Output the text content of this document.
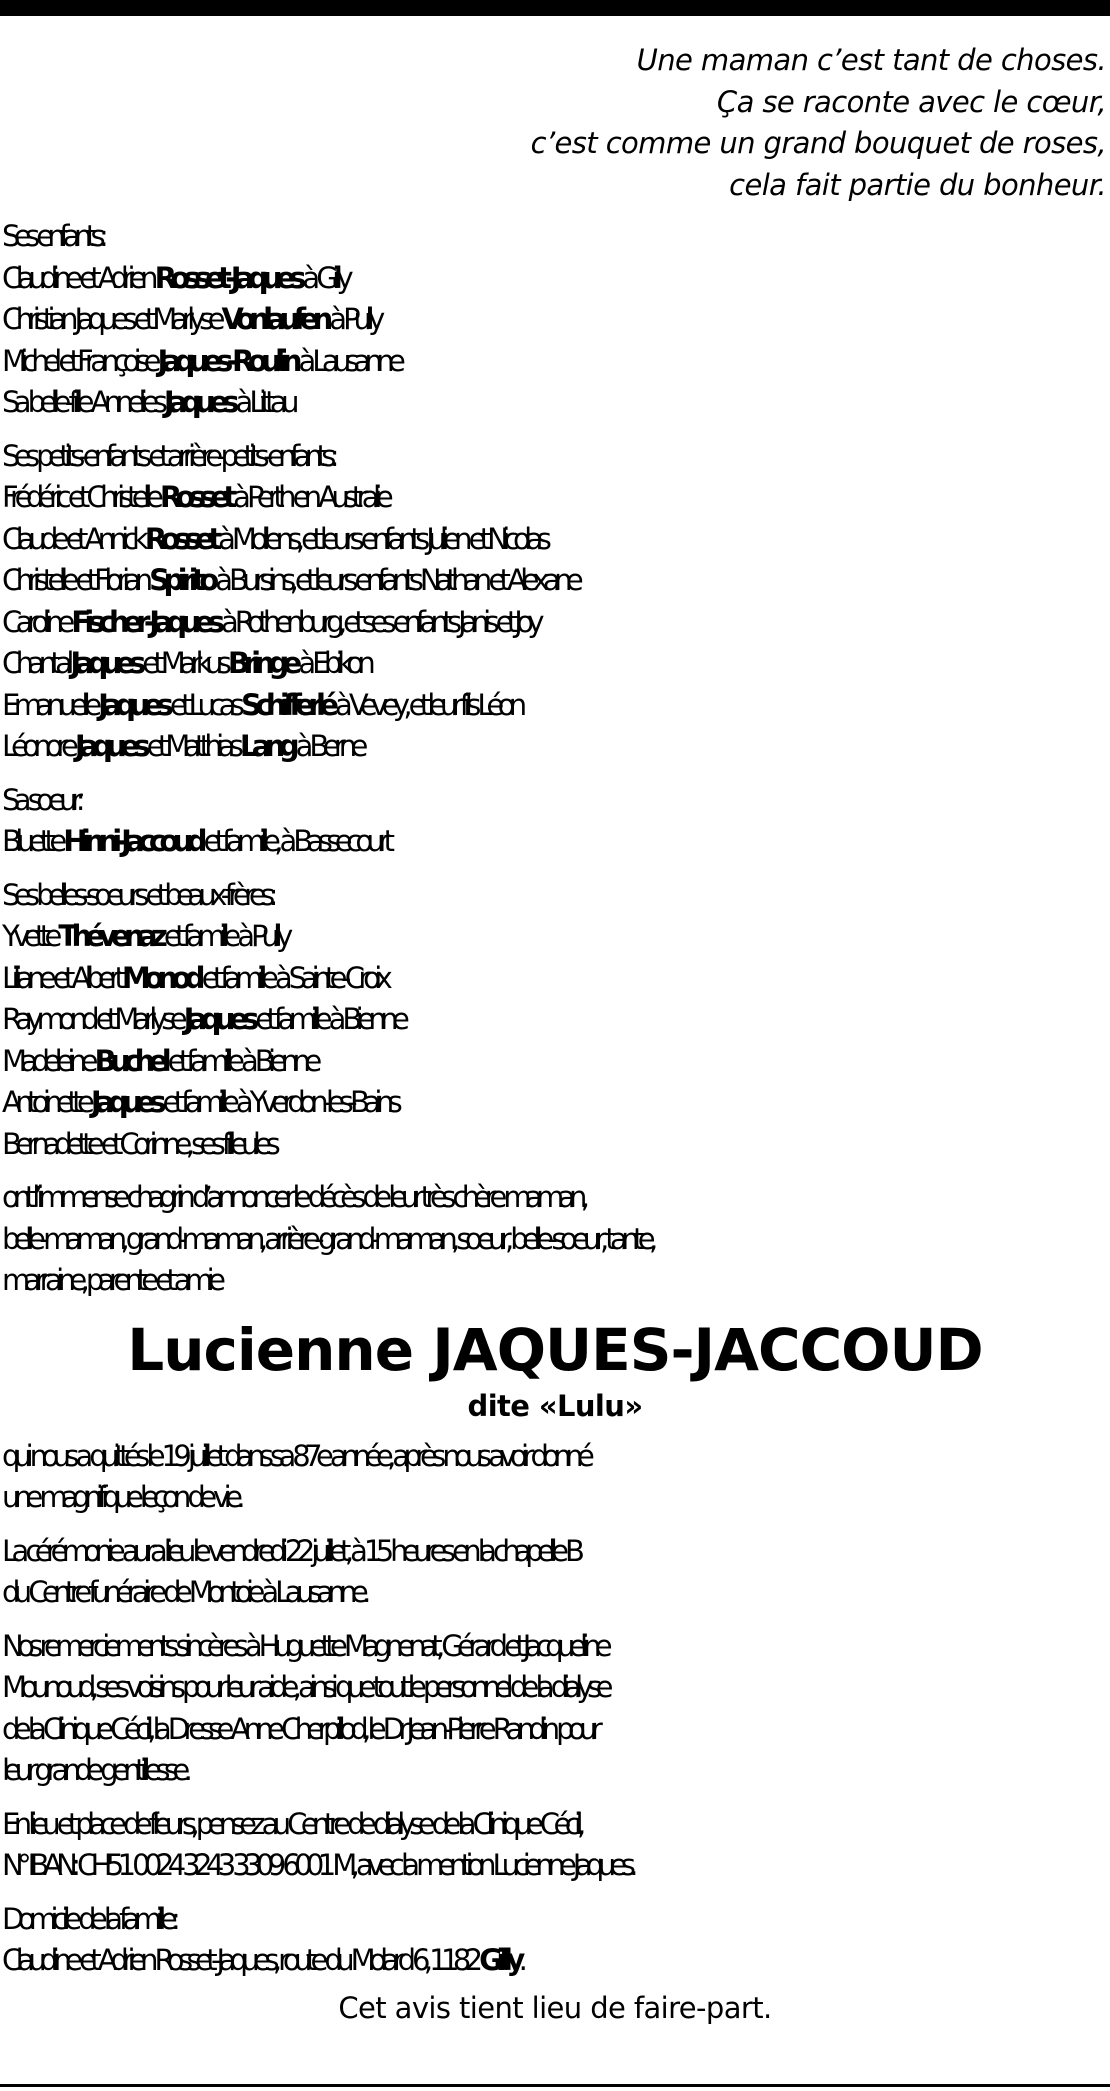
Une maman c’est tant de choses.
Ça se raconte avec le cœur,
c’est comme un grand bouquet de roses,
cela fait partie du bonheur.
Ses enfants:
Claudine et Adrien Rosset-Jaques à Gilly
Christian Jaques et Marlyse Vonlaufen à Pully
Michel et Françoise Jaques-Roulin à Lausanne
Sa belle-fille Annelies Jaques à Littau
Ses petits-enfants et arrière-petits-enfants:
Frédéric et Christelle Rosset à Perth en Australie
Claude et Annick Rosset à Mollens, et leurs enfants Julien et Nicolas
Christelle et Florian Spirito à Bursins, et leurs enfants Nathan et Alexane
Caroline Fischer-Jaques à Rothenburg, et ses enfants Janis et Joy
Chantal Jaques et Markus Bringe à Ebikon
Emanuelle Jaques et Lucas Schifferlé à Vevey, et leur fils Léon
Léonore Jaques et Matthias Lang à Berne
Sa sœur:
Bluette Hinni-Jaccoud et famille, à Bassecourt
Ses belles-sœurs et beaux-frères:
Yvette Thévenaz et famille à Pully
Liliane et Albert Monod et famille à Sainte-Croix
Raymond et Marlyse Jaques et famille à Bienne
Madeleine Buchel et famille à Bienne
Antoinette Jaques et famille à Yverdon-les-Bains
Bernadette et Corinne, ses filleules
ont l’immense chagrin d’annoncer le décès de leur très chère maman,
belle-maman, grand-maman, arrière-grand-maman, sœur, belle-sœur, tante,
marraine, parente et amie
Lucienne JAQUES-JACCOUD
dite «Lulu»
qui nous a quittés le 19 juillet dans sa 87e année, après nous avoir donné
une magnifique leçon de vie.
La cérémonie aura lieu le vendredi 22 juillet, à 15 heures en la chapelle B
du Centre funéraire de Montoie à Lausanne.
Nos remerciements sincères à Huguette Magnenat, Gérard et Jacqueline
Mounoud, ses voisins pour leur aide, ainsi que tout le personnel de la dialyse
de la Clinique Cécil, la Dresse Anne Cherpillod, le Dr Jean-Pierre Randin pour
leur grande gentillesse.
En lieu et place de fleurs, pensez au Centre de dialyse de la Clinique Cécil,
N° IBAN: CH51 0024 3243 3309 6001 M, avec la mention Lucienne Jaques.
Domicile de la famille:
Claudine et Adrien Rosset-Jaques, route du Molard 6, 1182 Gilly.
Cet avis tient lieu de faire-part.
